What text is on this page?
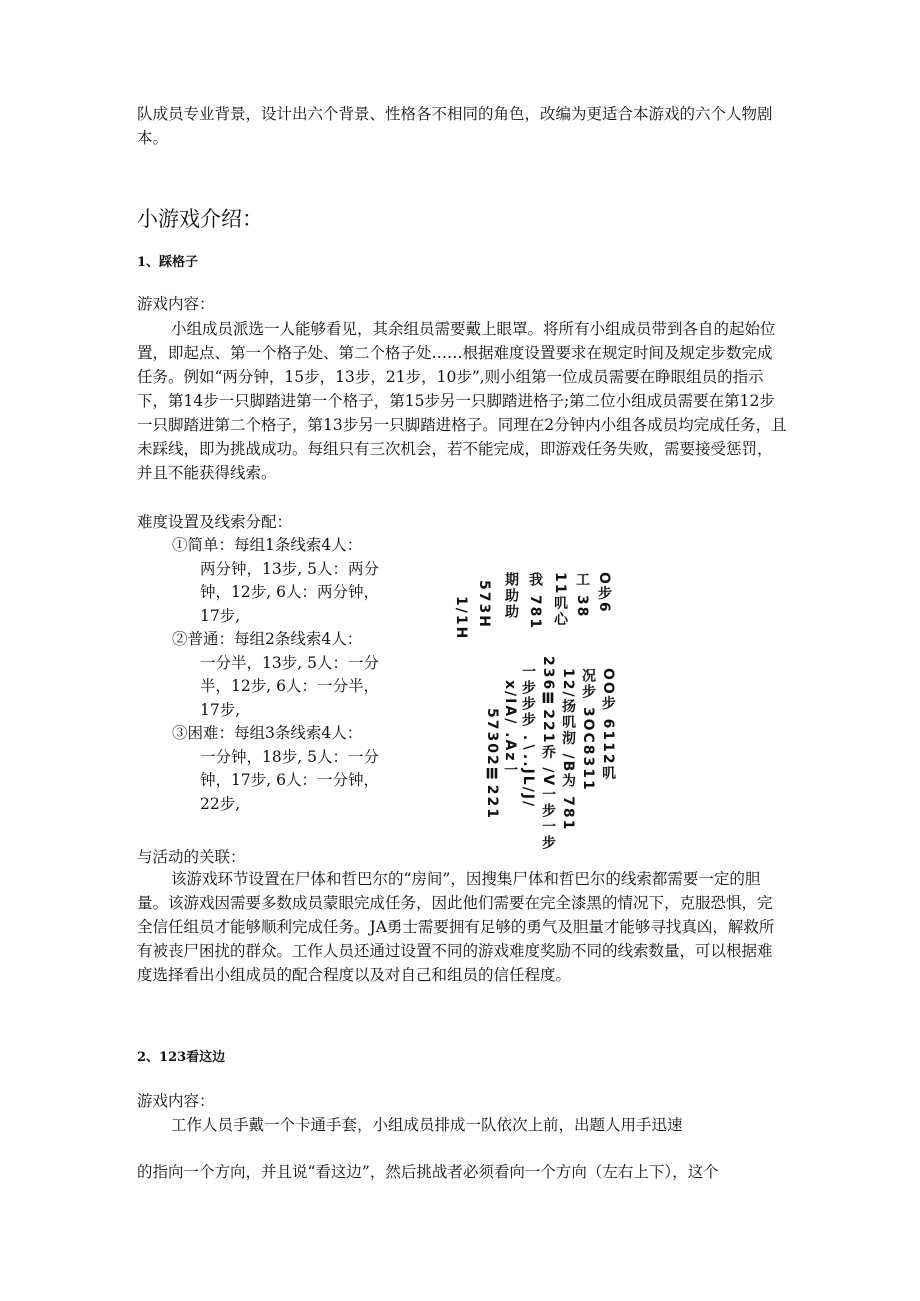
队成员专业背景，设计出六个背景、性格各不相同的角色，改编为更适合本游戏的六个人物剧本。

小游戏介绍：
1、踩格子
游戏内容：

小组成员派选一人能够看见，其余组员需要戴上眼罩。将所有小组成员带到各自的起始位置，即起点、第一个格子处、第二个格子处……根据难度设置要求在规定时间及规定步数完成任务。例如“两分钟，15步，13步，21步，10步”,则小组第一位成员需要在睁眼组员的指示下，第14步一只脚踏进第一个格子，第15步另一只脚踏进格子;第二位小组成员需要在第12步一只脚踏进第二个格子，第13步另一只脚踏进格子。同理在2分钟内小组各成员均完成任务，且未踩线，即为挑战成功。每组只有三次机会，若不能完成，即游戏任务失败，需要接受惩罚，并且不能获得线索。

难度设置及线索分配：

①简单：每组1条线索4人：

两分钟，13步, 5人：两分钟，12步, 6人：两分钟，17步,

②普通：每组2条线索4人：

一分半，13步, 5人：一分半，12步, 6人：一分半，17步,

③困难：每组3条线索4人：

一分钟，18步, 5人：一分钟，17步, 6人：一分钟，22步,

O步6
工 38
11叽心
我 781
期助助
573H
1/1H
OO步 6112叽
况步 3OC8311
12/扬叽沏 /B为 781
236Ⅲ221乔 ∕V一步一步
一步步步 .∖..JL∕J∕
x/IA/ .Az一
57302Ⅲ221
与活动的关联：

该游戏环节设置在尸体和哲巴尔的“房间”，因搜集尸体和哲巴尔的线索都需要一定的胆量。该游戏因需要多数成员蒙眼完成任务，因此他们需要在完全漆黑的情况下，克服恐惧，完全信任组员才能够顺利完成任务。JA勇士需要拥有足够的勇气及胆量才能够寻找真凶，解救所有被丧尸困扰的群众。工作人员还通过设置不同的游戏难度奖励不同的线索数量，可以根据难度选择看出小组成员的配合程度以及对自己和组员的信任程度。

2、123看这边
游戏内容：

工作人员手戴一个卡通手套，小组成员排成一队依次上前，出题人用手迅速

的指向一个方向，并且说“看这边”，然后挑战者必须看向一个方向（左右上下），这个
